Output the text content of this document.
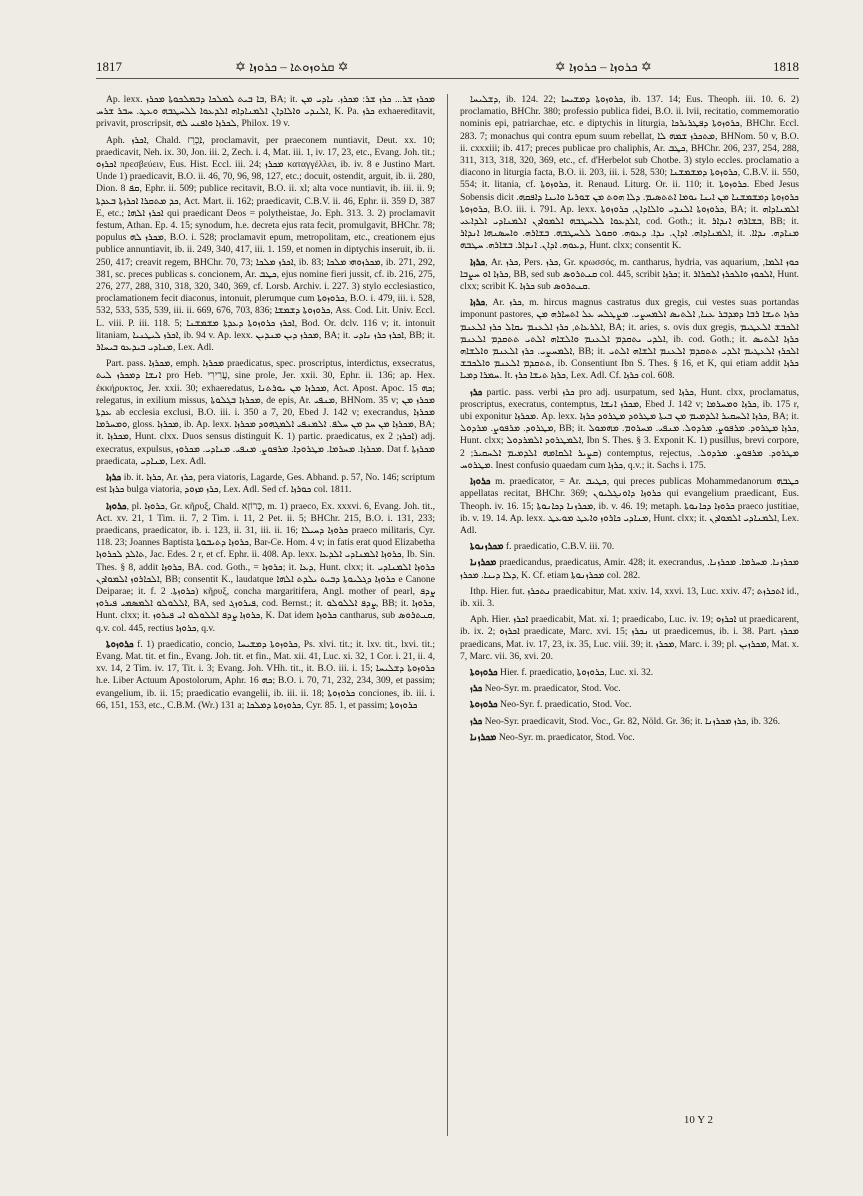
1817	✡ ܩܪܘܙܘܬܐ – ܟܪܘܙܐ ✡	✡ ܟܪܘܙܐ – ܟܪܘܙܐ ✡	1818

Ap. lexx. ܒܐ ܒܝܬ ܠܡܠܟܐ ܕܒܡܠܟܘܬܐ ܡܟܪܙ, BA; it. ܡܟܪܙ ܫܪ... ܟܪܙ ܫܪ: ܡܟܪܙ. ܢܐܕܝ ܡܢ ܐܠܢܕܝ ܘܐܠܐܕܐܢ ܐܠܡܢܐܕܐܗ ܐܠܕܥܘܐ ܠܠܚܛܒܗ ܘܥܛ. ܚܒܪ ܫܪܚ, K. Pa. ܟܪܙ exhaereditavit, privavit, proscripsit, ܠܟܪܙܐ ܘܐܦܢܝ ܠܗ, Philox. 19 v.

Aph. ܐܟܪܙ, Chald. ܐַכְרֵז, proclamavit, per praeconem nuntiavit, Deut. xx. 10; praedicavit, Neh. ix. 30, Jon. iii. 2, Zech. i. 4, Mat. iii. 1, iv. 17, 23, etc., Evang. Joh. tit.; ܐܟܪܙܘ πρεσβεύειν, Eus. Hist. Eccl. iii. 24; ܡܟܪܙ καταγγέλλει, ib. iv. 8 e Justino Mart. Unde 1) praedicavit, B.O. ii. 46, 70, 96, 98, 127, etc.; docuit, ostendit, arguit, ib. ii. 280, Dion. ܩܦ 8, Ephr. ii. 509; publice recitavit, B.O. ii. xl; alta voce nuntiavit, ib. iii. ii. 9; ܟܕ ܡܬܩܪܐ ܐܟܪܙܬܐ ܒܥܕܬܐ, Act. Mart. ii. 162; praedicavit, C.B.V. ii. 46, Ephr. ii. 359 D, 387 E, etc.; ܐܟܪܙ ܐܠܗܐ qui praedicant Deos = polytheistae, Jo. Eph. 313. 3. 2) proclamavit festum, Athan. Ep. 4. 15; synodum, h.e. decreta ejus rata fecit, promulgavit, BHChr. 78; populus ܡܟܪܙ ܠܗ, B.O. i. 528; proclamavit epum, metropolitam, etc., creationem ejus publice annuntiavit, ib. ii. 249, 340, 417, iii. 1. 159, et nomen in diptychis inseruit, ib. ii. 250, 417; creavit regem, BHChr. 70, 73; ܐܟܪܙ ܡܠܟܐ, ib. 83; ܡܟܪܙܘܗܝ ܡܠܟܐ, ib. 271, 292, 381, sc. preces publicas s. concionem, Ar. ܟܛܒ, ejus nomine fieri jussit, cf. ib. 216, 275, 276, 277, 288, 310, 318, 320, 340, 369, cf. Lorsb. Archiv. i. 227. 3) stylo ecclesiastico, proclamationem fecit diaconus, intonuit, plerumque cum ܟܪܘܙܘܬܐ, B.O. i. 479, iii. i. 528, 532, 533, 535, 539, iii. ii. 669, 676, 703, 836; ܟܪܘܙܘܬܐ ܕܫܡܫܐ, Ass. Cod. Lit. Univ. Eccl. L. viii. P. iii. 118. 5; ܐܟܪܙ ܟܪܘܙܘܬܐ ܕܥܕܬܐ ܡܫܡܫܢܐ, Bod. Or. dclv. 116 v; it. intonuit litaniam, ܐܟܪܙ ܠܝܛܢܝܐ, ib. 94 v. Ap. lexx. ܡܟܪܙ ܕܝܢ ܡܢܕܝܢ, BA; it. ܐܟܪܙ ܟܪܙ ܢܐܕܝ, BB; it. ܡܢܐܕܝ ܒܝܕܥܘ ܒܝܚܐܪ, Lex. Adl.

Part. pass. ܡܟܪܙܐ, emph. ܡܟܪܙܐ praedicatus, spec. proscriptus, interdictus, exsecratus, ܐܢܫܐ ܕܡܟܪܙ ܠܝܬ pro Heb. עֲרִירִי, sine prole, Jer. xxii. 30, Ephr. ii. 136; ap. Hex. ἐκκήρυκτος, Jer. xxii. 30; exhaeredatus, ܡܟܪܙܐ ܡܢ ܝܘܪܬܢܐ, Act. Apost. Apoc. ܟܗ 15; relegatus, in exilium missus, ܡܟܪܙܐ ܒܓܠܘܬܐ, de epis, Ar. ܡܢܦܝ, BHNom. 35 v; ܡܟܪܙ ܡܢ ܥܕܬܐ ab ecclesia exclusi, B.O. iii. i. 350 a 7, 20, Ebed J. 142 v; execrandus, ܡܟܪܙܐ ܘܡܚܪܡܐ, gloss. ܡܟܪܙܐ, ib. Ap. lexx. ܡܟܪܙܐ ܡܢ ܚܕ ܡܢ ܚܠܦ. ܐܠܡܢܦܝ ܐܠܡܓܗܘܕ ܡܟܪܙܐ, BA; it. ܡܟܪܙܐ, Hunt. clxx. Duos sensus distinguit K. 1) partic. praedicatus, ex ܐܟܪܙ; 2) adj. execratus, expulsus, ܡܟܪܙܐ. ܡܚܪܡܐ. ܡܛܪܘܕܐ. ܡܪܦܘܨ. ܡܢܦܝ. ܡܢܐܕܝ. ܡܟܪܘܙ. Dat f. ܡܟܪܙܬܐ praedicata, ܡܢܐܕܝ, Lex. Adl.

ܟܪܙܐ ib. it. ܟܪܙܐ, Ar. ܟܪܙ, pera viatoris, Lagarde, Ges. Abhand. p. 57, No. 146; scriptum est ܟܪܙܐ bulga viatoria, ܟܪܙ ܡܙܘܕ, Lex. Adl. Sed cf. ܟܘܪܙܐ col. 1811.

ܟܪܘܙܐ, pl. ܟܪܘܙܐ, Gr. κῆρυξ, Chald. כָּרוֹזָא, m. 1) praeco, Ex. xxxvi. 6, Evang. Joh. tit., Act. xv. 21, 1 Tim. ii. 7, 2 Tim. i. 11, 2 Pet. ii. 5; BHChr. 215, B.O. i. 131, 233; praedicans, praedicator, ib. i. 123, ii. 31, iii. ii. 16; ܟܪܘܙܐ ܕܚܝܠܐ praeco militaris, Cyr. 118. 23; Joannes Baptista ܟܪܘܙܐ ܕܬܝܒܘܬܐ, Bar-Ce. Hom. 4 v; in fatis erat quod Elizabetha ܬܐܠܕ ܠܟܪܘܙܐ, Jac. Edes. 2 r, et cf. Ephr. ii. 408. Ap. lexx. ܟܪܘܙܐ ܐܠܡܢܐܕܝ ܐܠܕܥܐ, Ib. Sin. Thes. § 8, addit ܟܪܘܙܐ, BA. cod. Goth., = ܟܪܘܙܐ; it. ܕܥܐ, Hunt. clxx; it. ܟܪܘܙܐ ܐܠܡܢܐܕܝ ܐܠܟܐܪܘܙ ܐܠܡܘܐܕܢ, BB; consentit K., laudatque ܟܪܘܙܐ ܕܓܠܝܘܬܐ ܕܒܝܬ ܝܠܕܬ ܐܠܗܐ e Canone Deiparae; it. f. ܟܪܘܙܬܐ. 2) κῆρυξ, concha margaritifera, Angl. mother of pearl, ܨܕܦ ܐܠܠܘܠܘ ܐܠܡܣܡܝ ܦܝܪܘܙ, BA, sed ܦܝܪܘܙܓ, cod. Bernst.; it. ܨܕܦ ܐܠܠܘܠܘ, BB; it. ܟܪܘܙܐ, Hunt. clxx; it. ܟܪܘܙܐ ܨܕܦ ܐܠܠܘܠܘ ܐܝ ܦܝܪܘܙ, K. Dat idem ܟܪܘܙܐ cantharus, sub ܩܢܬܪܘܣ, q.v. col. 445, rectius ܟܪܘܙܐ, q.v.

ܟܪܘܙܘܬܐ f. 1) praedicatio, concio, ܟܪܘܙܘܬܐ ܕܡܫܝܚܐ, Ps. xlvi. tit.; it. lxv. tit., lxvi. tit.; Evang. Mat. tit. et fin., Evang. Joh. tit. et fin., Mat. xii. 41, Luc. xi. 32, 1 Cor. i. 21, ii. 4, xv. 14, 2 Tim. iv. 17, Tit. i. 3; Evang. Joh. VHh. tit., it. B.O. iii. i. 15; ܟܪܘܙܘܬܐ ܕܫܠܝܚܐ h.e. Liber Actuum Apostolorum, Aphr. ܟܗ 16; B.O. i. 70, 71, 232, 234, 309, et passim; evangelium, ib. ii. 15; praedicatio evangelii, ib. iii. ii. 18; ܟܪܘܙܘܬܐ conciones, ib. iii. i. 66, 151, 153, etc., C.B.M. (Wr.) 131 a; ܟܪܘܙܘܬܐ ܕܡܠܟܐ, Cyr. 85. 1, et passim; ܟܪܘܙܘܬܐ

ܕܫܠܝܚܐ, ib. 124. 22; ܟܪܘܙܘܬܐ ܕܡܫܝܚܐ, ib. 137. 14; Eus. Theoph. iii. 10. 6. 2) proclamatio, BHChr. 380; professio publica fidei, B.O. ii. lvii, recitatio, commemoratio nominis epi, patriarchae, etc. e diptychis in liturgia, ܟܪܘܙܘܬܐ ܕܦܛܪܝܪܟܐ, BHChr. Eccl. 283. 7; monachus qui contra epum suum rebellat, ܡܬܟܪܙ ܫܡܗ ܠܐ, BHNom. 50 v, B.O. ii. cxxxiii; ib. 417; preces publicae pro chaliphis, Ar. ܟܛܒ, BHChr. 206, 237, 254, 288, 311, 313, 318, 320, 369, etc., cf. d'Herbelot sub Chotbe. 3) stylo eccles. proclamatio a diacono in liturgia facta, B.O. ii. 203, iii. i. 528, 530; ܟܪܘܙܘܬܐ ܕܡܫܡܫܢܐ, C.B.V. ii. 550, 554; it. litania, cf. ܟܪܘܙܘܬܐ, it. Renaud. Liturg. Or. ii. 110; it. ܟܪܘܙܘܬܐ. Ebed Jesus Sobensis dicit ܟܪܘܙܘܬܐ ܕܡܫܡܫܢܐ ܡܢ ܐܝܢܐ ܝܘܡܐ ܐܬܬܣܝܡ. ܕܠܐ ܗܘܬ ܡܢ ܫܘܪܝܐ ܘܐܝܢܐ ܕܐܦܩܗ. ܟܪܘܙܘܬܐ, B.O. iii. i. 791. Ap. lexx. ܟܪܘܙܘܬܐ ܐܠܢܕܝ ܘܐܠܐܕܐܢ, ܟܪܘܙܘܬܐ, BA; it. ܐܠܡܢܐܕܐܗ ܐܠܕܥܘܐ ܠܠܚܛܒܗ ܐܠܡܘܐܕܢ ܐܠܡܢܐܕܝ ܐܠܕܐܥܝ, cod. Goth.; it. ܒܫܐܪܗ ܐܢܕܐܪ, BB; it. ܐܠܡܢܐܕܐܗ. ܐܕܐܢ. ܢܕܐ. ܕܥܘܗ. ܘܩܘܠ ܠܠܚܛܒܗ. ܒܫܐܪܗ. ܘܐܚܣܢܗܐ ܐܢܕܐܪ, it. ܡܢܐܕܗ. ܢܕܐܐ. ܕܥܘܗ. ܐܕܐܢ. ܐܢܕܐܪ. ܒܫܐܪܗ. ܚܛܒܗ, Hunt. clxx; consentit K.

ܟܪܙܐ, Ar. ܟܪܙ, Pers. ܟܪܙ, Gr. κρωσσός, m. cantharus, hydria, vas aquarium, ܟܘܙ ܐܠܡܐ, ܟܪܙܐ ܐܘ ܚܨܒܐ, BB, sed sub ܩܢܬܪܘܣ col. 445, scribit ܟܪܙܐ; it. ܐܠܟܘܙ ܘܐܠܟܪܙ ܐܠܩܪܐܪ, Hunt. clxx; scribit K. ܟܪܙܐ sub ܩܢܬܪܘܣ.

ܟܪܙܐ, Ar. ܟܪܙ, m. hircus magnus castratus dux gregis, cui vestes suas portandas imponunt pastores, ܟܪܙܐ ܬܝܫܐ ܪܒܐ ܕܡܕܒܪ ܥܢܐ, ܐܠܬܝܣ ܐܠܡܚܨܝ. ܡܨܛܠܚ ܥܠ ܐܬܚܐܪܗ ܡܢ ܐܠܪܥܐܬ, ܟܪܙ ܐܠܥܢܡ ܝܩܐܠ ܟܪܙ ܐܠܥܢܡ, BA; it. aries, s. ovis dux gregis, ܐܠܟܒܫ ܐܠܥܛܝܡ ܐܠܕܝ ܝܬܩܕܡ ܐܠܥܢܡ ܘܐܠܫܐܗ ܐܠܬܝ ܬܬܩܕܡ ܐܠܥܢܡ, ib. cod. Goth.; it. ܟܪܙܐ ܐܠܬܝܣ ܐܠܡܚܨܝ. ܟܪܙ ܐܠܥܢܡ ܘܐܠܫܐܗ, BB; it. ܐܠܟܪܙ ܐܠܥܛܝܡ ܐܠܕܝ ܬܬܩܕܡ ܐܠܥܢܡ ܐܠܫܐܗ ܐܠܬܝ ܬܬܩܕܡ ܐܠܥܢܡ ܘܐܠܟܒܫ, ib. Consentiunt Ibn S. Thes. § 16, et K, qui etiam addit ܟܪܙܐ ܚܡܪܐ ܕܡܝܐ. It. ܟܪܙܐ ܬܝܫܐ ܟܪܙ, Lex. Adl. Cf. ܟܪܙܐ col. 608.

ܟܪܙ partic. pass. verbi ܟܪܙ pro adj. usurpatum, sed ܟܪܙܐ, Hunt. clxx, proclamatus, proscriptus, execratus, contemptus, ܡܟܪܙ ܐܢܫܐ, Ebed J. 142 v; ܟܪܙܐ ܘܡܚܪܡܐ, ib. 175 r, ubi exponitur ܡܟܪܙܐ. Ap. lexx. ܟܪܙܐ ܐܠܚܩܝܪ ܐܠܕܡܝܡ ܡܢ ܒܝܬܐ ܡܛܪܘܕ ܡܛܪܘܕ ܟܪܙܐ, BA; it. ܡܛܪܘܕ. ܡܪܦܘܨ. ܡܪܕܘܠ, BB; it. ܟܪܙܐ ܡܛܪܘܕ. ܡܪܦܘܨ. ܡܪܕܘܠ. ܡܢܦܝ. ܡܚܪܘܡ. ܡܗܡܘܠ, Hunt. clxx; ܐܠܡܛܪܘܕ ܐܠܡܪܕܘܠ, Ibn S. Thes. § 3. Exponit K. 1) pusillus, brevi corpore, ܩܨܝܪ ܐܠܩܐܡܗ ܐܠܕܡܝܡ ܐܠܚܩܝܪ; 2) contemptus, rejectus, ܡܛܪܘܕ. ܡܪܦܘܨ. ܡܪܕܘܠ. ܡܛܪܘܚ. Inest confusio quaedam cum ܟܪܙܐ, q.v.; it. Sachs i. 175.

ܟܪܘܙܐ m. praedicator, = Ar. ܟܛܝܒ, qui preces publicas Mohammedanorum ܟܛܒܗ appellatas recitat, BHChr. 369; ܟܪܘܙܐ ܕܐܘܢܓܠܝܘܢ qui evangelium praedicant, Eus. Theoph. iv. 16. 15; ܡܟܪܙܢܐ ܕܟܐܢܘܬܐ, ib. v. 46. 19; metaph. ܟܪܘܙܐ ܕܟܐܢܘܬܐ praeco justitiae, ib. v. 19. 14. Ap. lexx. ܡܢܐܕܝ ܟܐܪܘܙ ܘܐܥܛ ܡܘܥܛ, Hunt. clxx; it. ܐܠܡܢܐܕܝ ܐܠܡܘܐܕܢ, Lex. Adl.

ܡܟܪܙܢܘܬܐ f. praedicatio, C.B.V. iii. 70.

ܡܟܪܙܢܐ praedicandus, praedicatus, Amir. 428; it. execrandus, ܡܟܪܙܢܐ. ܡܚܪܡܐ. ܡܟܪܙܢܐ. ܕܠܐ ܕܝܢܐ. ܡܟܪܙ, K. Cf. etiam ܡܟܪܙܢܘܬܐ col. 282.

Ithp. Hier. fut. ܢܬܟܪܙ praedicabitur, Mat. xxiv. 14, xxvi. 13, Luc. xxiv. 47; ܐܬܟܪܙܬ id., ib. xii. 3.

Aph. Hier. ܐܟܪܙ praedicabit, Mat. xi. 1; praedicabo, Luc. iv. 19; ܐܟܪܙܘ ut praedicarent, ib. ix. 2; ܐܟܪܙܘ praedicate, Marc. xvi. 15; ܢܟܪܙ ut praedicemus, ib. i. 38. Part. ܡܟܪܙ praedicans, Mat. iv. 17, 23, ix. 35, Luc. viii. 39; it. ܡܟܪܙ, Marc. i. 39; pl. ܡܟܪܙܝܢ, Mat. x. 7, Marc. vii. 36, xvi. 20.

ܟܪܘܙܘܬܐ Hier. f. praedicatio, ܟܪܘܙܘܬܐ, Luc. xi. 32.

ܟܪܙ Neo-Syr. m. praedicator, Stod. Voc.

ܟܪܘܙܘܬܐ Neo-Syr. f. praedicatio, Stod. Voc.

ܟܪܙ Neo-Syr. praedicavit, Stod. Voc., Gr. 82, Nöld. Gr. 36; it. ܟܪܙ ܡܟܪܙܢܐ, ib. 326.

ܡܟܪܙܢܐ Neo-Syr. m. praedicator, Stod. Voc.

10 Y 2
